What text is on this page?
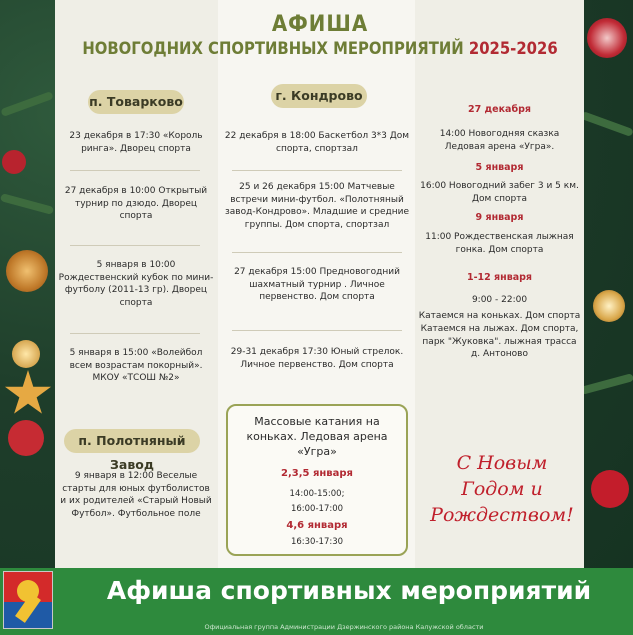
АФИША
НОВОГОДНИХ СПОРТИВНЫХ МЕРОПРИЯТИЙ 2025-2026
п. Товарково
23 декабря в 17:30 «Король ринга». Дворец спорта
27 декабря в 10:00 Открытый турнир по дзюдо. Дворец спорта
5 января в 10:00 Рождественский кубок по мини-футболу (2011-13 гр). Дворец спорта
5 января в 15:00 «Волейбол всем возрастам покорный». МКОУ «ТСОШ №2»
п. Полотняный Завод
9 января в 12:00 Веселые старты для юных футболистов и их родителей «Старый Новый Футбол». Футбольное поле
г. Кондрово
22 декабря в 18:00 Баскетбол 3*3 Дом спорта, спортзал
25 и 26 декабря 15:00 Матчевые встречи мини-футбол. «Полотняный завод-Кондрово». Младшие и средние группы. Дом спорта, спортзал
27 декабря 15:00 Предновогодний шахматный турнир . Личное первенство. Дом спорта
29-31 декабря 17:30 Юный стрелок. Личное первенство. Дом спорта
Массовые катания на коньках. Ледовая арена «Угра»
2,3,5 января
14:00-15:00;
16:00-17:00
4,6 января
16:30-17:30
27 декабря
14:00 Новогодняя сказка Ледовая арена «Угра».
5 января
16:00 Новогодний забег 3 и 5 км. Дом спорта
9 января
11:00 Рождественская лыжная гонка. Дом спорта
1-12 января
9:00 - 22:00
Катаемся на коньках. Дом спорта
Катаемся на лыжах. Дом спорта, парк "Жуковка". лыжная трасса д. Антоново
С Новым Годом и Рождеством!
Афиша спортивных мероприятий
Официальная группа Администрации Дзержинского района Калужской области
